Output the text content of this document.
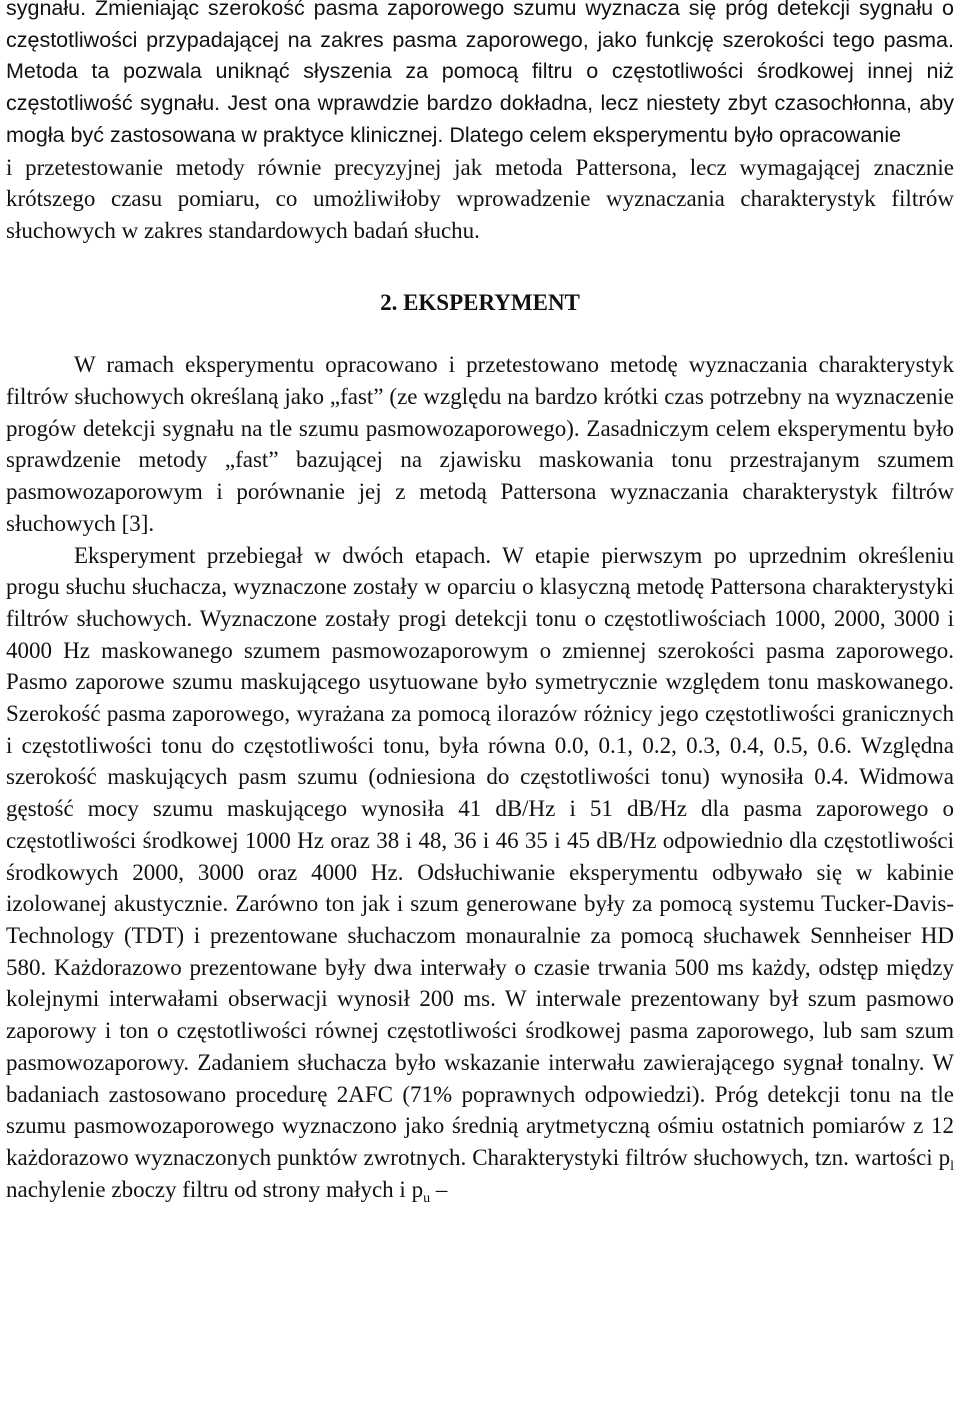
sygnału. Zmieniając szerokość pasma zaporowego szumu wyznacza się próg detekcji sygnału o częstotliwości przypadającej na zakres pasma zaporowego, jako funkcję szerokości tego pasma. Metoda ta pozwala uniknąć słyszenia za pomocą filtru o częstotliwości środkowej innej niż częstotliwość sygnału. Jest ona wprawdzie bardzo dokładna, lecz niestety zbyt czasochłonna, aby mogła być zastosowana w praktyce klinicznej. Dlatego celem eksperymentu było opracowanie

i przetestowanie metody równie precyzyjnej jak metoda Pattersona, lecz wymagającej znacznie krótszego czasu pomiaru, co umożliwiłoby wprowadzenie wyznaczania charakterystyk filtrów słuchowych w zakres standardowych badań słuchu.

2. EKSPERYMENT

W ramach eksperymentu opracowano i przetestowano metodę wyznaczania charakterystyk filtrów słuchowych określaną jako „fast” (ze względu na bardzo krótki czas potrzebny na wyznaczenie progów detekcji sygnału na tle szumu pasmowozaporowego). Zasadniczym celem eksperymentu było sprawdzenie metody „fast” bazującej na zjawisku maskowania tonu przestrajanym szumem pasmowozaporowym i porównanie jej z metodą Pattersona wyznaczania charakterystyk filtrów słuchowych [3].

Eksperyment przebiegał w dwóch etapach. W etapie pierwszym po uprzednim określeniu progu słuchu słuchacza, wyznaczone zostały w oparciu o klasyczną metodę Pattersona charakterystyki filtrów słuchowych. Wyznaczone zostały progi detekcji tonu o częstotliwościach 1000, 2000, 3000 i 4000 Hz maskowanego szumem pasmowozaporowym o zmiennej szerokości pasma zaporowego. Pasmo zaporowe szumu maskującego usytuowane było symetrycznie względem tonu maskowanego. Szerokość pasma zaporowego, wyrażana za pomocą ilorazów różnicy jego częstotliwości granicznych i częstotliwości tonu do częstotliwości tonu, była równa 0.0, 0.1, 0.2, 0.3, 0.4, 0.5, 0.6. Względna szerokość maskujących pasm szumu (odniesiona do częstotliwości tonu) wynosiła 0.4. Widmowa gęstość mocy szumu maskującego wynosiła 41 dB/Hz i 51 dB/Hz dla pasma zaporowego o częstotliwości środkowej 1000 Hz oraz 38 i 48, 36 i 46 35 i 45 dB/Hz odpowiednio dla częstotliwości środkowych 2000, 3000 oraz 4000 Hz. Odsłuchiwanie eksperymentu odbywało się w kabinie izolowanej akustycznie. Zarówno ton jak i szum generowane były za pomocą systemu Tucker-Davis-Technology (TDT) i prezentowane słuchaczom monauralnie za pomocą słuchawek Sennheiser HD 580. Każdorazowo prezentowane były dwa interwały o czasie trwania 500 ms każdy, odstęp między kolejnymi interwałami obserwacji wynosił 200 ms. W interwale prezentowany był szum pasmowo zaporowy i ton o częstotliwości równej częstotliwości środkowej pasma zaporowego, lub sam szum pasmowozaporowy. Zadaniem słuchacza było wskazanie interwału zawierającego sygnał tonalny. W badaniach zastosowano procedurę 2AFC (71% poprawnych odpowiedzi). Próg detekcji tonu na tle szumu pasmowozaporowego wyznaczono jako średnią arytmetyczną ośmiu ostatnich pomiarów z 12 każdorazowo wyznaczonych punktów zwrotnych. Charakterystyki filtrów słuchowych, tzn. wartości $p_l$ nachylenie zboczy filtru od strony małych i $p_u$ –
